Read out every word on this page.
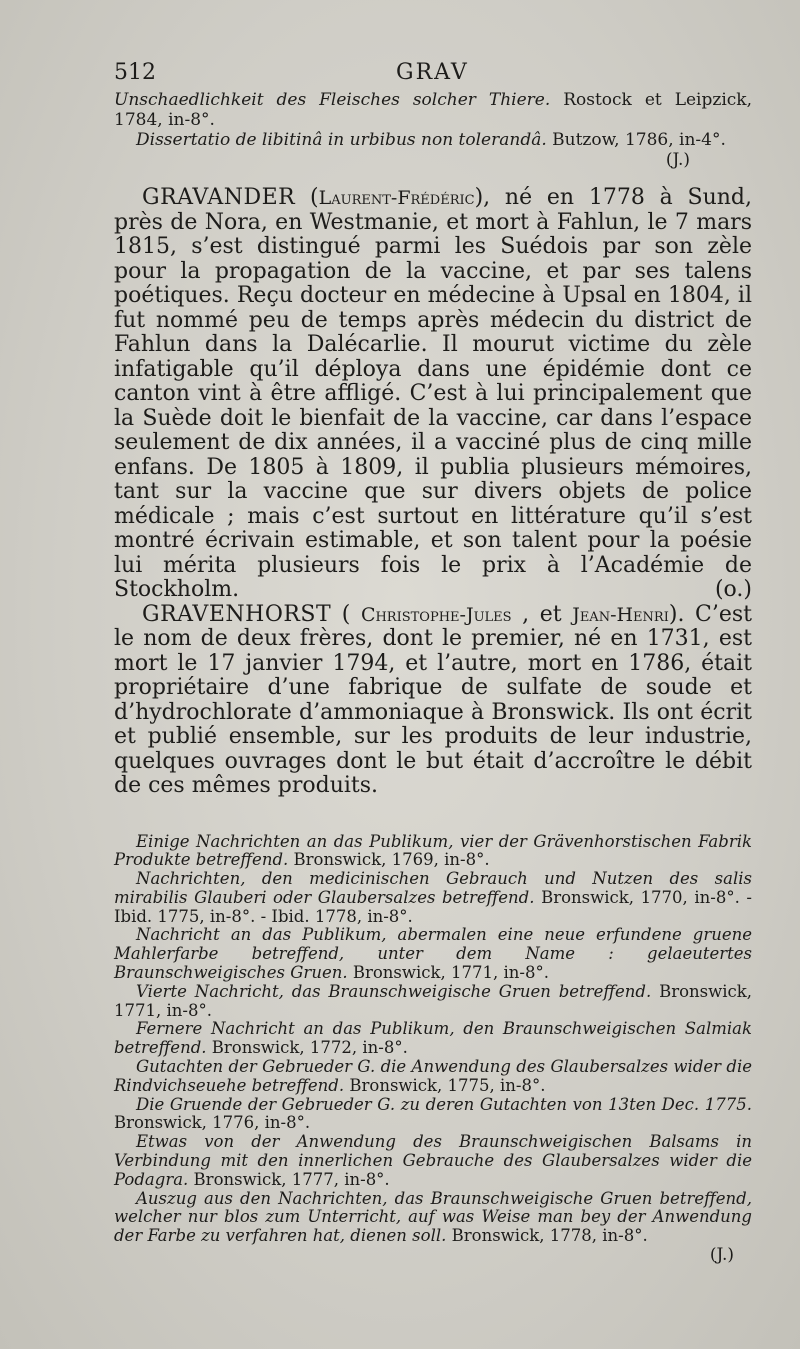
512	GRAV

Unschaedlichkeit des Fleisches solcher Thiere. Rostock et Leipzick, 1784, in-8°.

Dissertatio de libitinâ in urbibus non tolerandâ. Butzow, 1786, in-4°.

(J.)

GRAVANDER (Laurent-Frédéric), né en 1778 à Sund, près de Nora, en Westmanie, et mort à Fahlun, le 7 mars 1815, s’est distingué parmi les Suédois par son zèle pour la propagation de la vaccine, et par ses talens poétiques. Reçu docteur en médecine à Upsal en 1804, il fut nommé peu de temps après médecin du district de Fahlun dans la Dalécarlie. Il mourut victime du zèle infatigable qu’il déploya dans une épidémie dont ce canton vint à être affligé. C’est à lui principalement que la Suède doit le bienfait de la vaccine, car dans l’espace seulement de dix années, il a vacciné plus de cinq mille enfans. De 1805 à 1809, il publia plusieurs mémoires, tant sur la vaccine que sur divers objets de police médicale ; mais c’est surtout en littérature qu’il s’est montré écrivain estimable, et son talent pour la poésie lui mérita plusieurs fois le prix à l’Académie de Stockholm.	(o.)

GRAVENHORST ( Christophe-Jules , et Jean-Henri). C’est le nom de deux frères, dont le premier, né en 1731, est mort le 17 janvier 1794, et l’autre, mort en 1786, était propriétaire d’une fabrique de sulfate de soude et d’hydrochlorate d’ammoniaque à Bronswick. Ils ont écrit et publié ensemble, sur les produits de leur industrie, quelques ouvrages dont le but était d’accroître le débit de ces mêmes produits.

Einige Nachrichten an das Publikum, vier der Grävenhorstischen Fabrik Produkte betreffend. Bronswick, 1769, in-8°.

Nachrichten, den medicinischen Gebrauch und Nutzen des salis mirabilis Glauberi oder Glaubersalzes betreffend. Bronswick, 1770, in-8°. - Ibid. 1775, in-8°. - Ibid. 1778, in-8°.

Nachricht an das Publikum, abermalen eine neue erfundene gruene Mahlerfarbe betreffend, unter dem Name : gelaeutertes Braunschweigisches Gruen. Bronswick, 1771, in-8°.

Vierte Nachricht, das Braunschweigische Gruen betreffend. Bronswick, 1771, in-8°.

Fernere Nachricht an das Publikum, den Braunschweigischen Salmiak betreffend. Bronswick, 1772, in-8°.

Gutachten der Gebrueder G. die Anwendung des Glaubersalzes wider die Rindvichseuehe betreffend. Bronswick, 1775, in-8°.

Die Gruende der Gebrueder G. zu deren Gutachten von 13ten Dec. 1775. Bronswick, 1776, in-8°.

Etwas von der Anwendung des Braunschweigischen Balsams in Verbindung mit den innerlichen Gebrauche des Glaubersalzes wider die Podagra. Bronswick, 1777, in-8°.

Auszug aus den Nachrichten, das Braunschweigische Gruen betreffend, welcher nur blos zum Unterricht, auf was Weise man bey der Anwendung der Farbe zu verfahren hat, dienen soll. Bronswick, 1778, in-8°.

(J.)
